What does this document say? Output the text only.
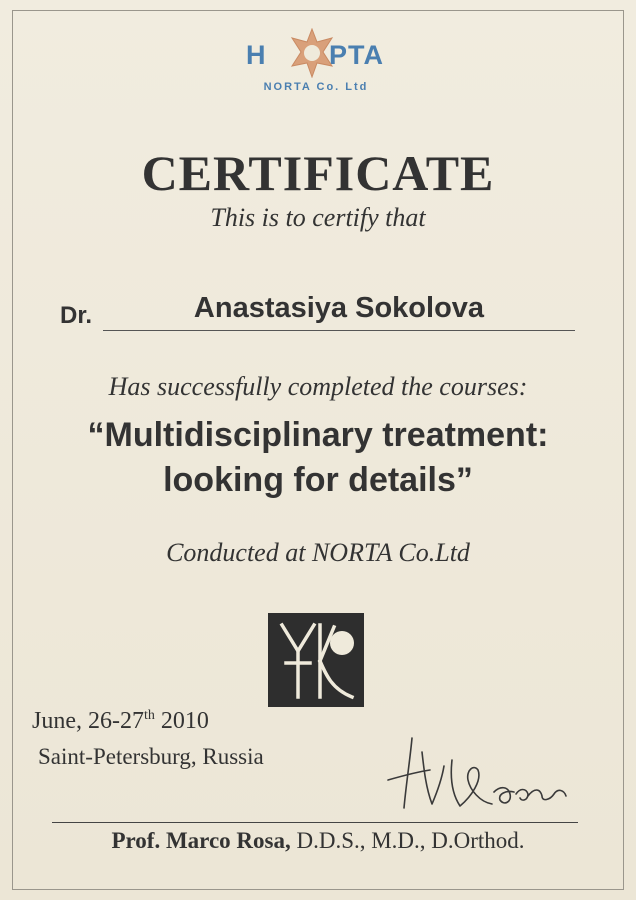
H PTA
NORTA Co. Ltd
CERTIFICATE
This is to certify that
Dr.	Anastasiya Sokolova
Has successfully completed the courses:
“Multidisciplinary treatment:
looking for details”
Conducted at NORTA Co.Ltd
June, 26-27th 2010
Saint-Petersburg, Russia
Prof. Marco Rosa, D.D.S., M.D., D.Orthod.
